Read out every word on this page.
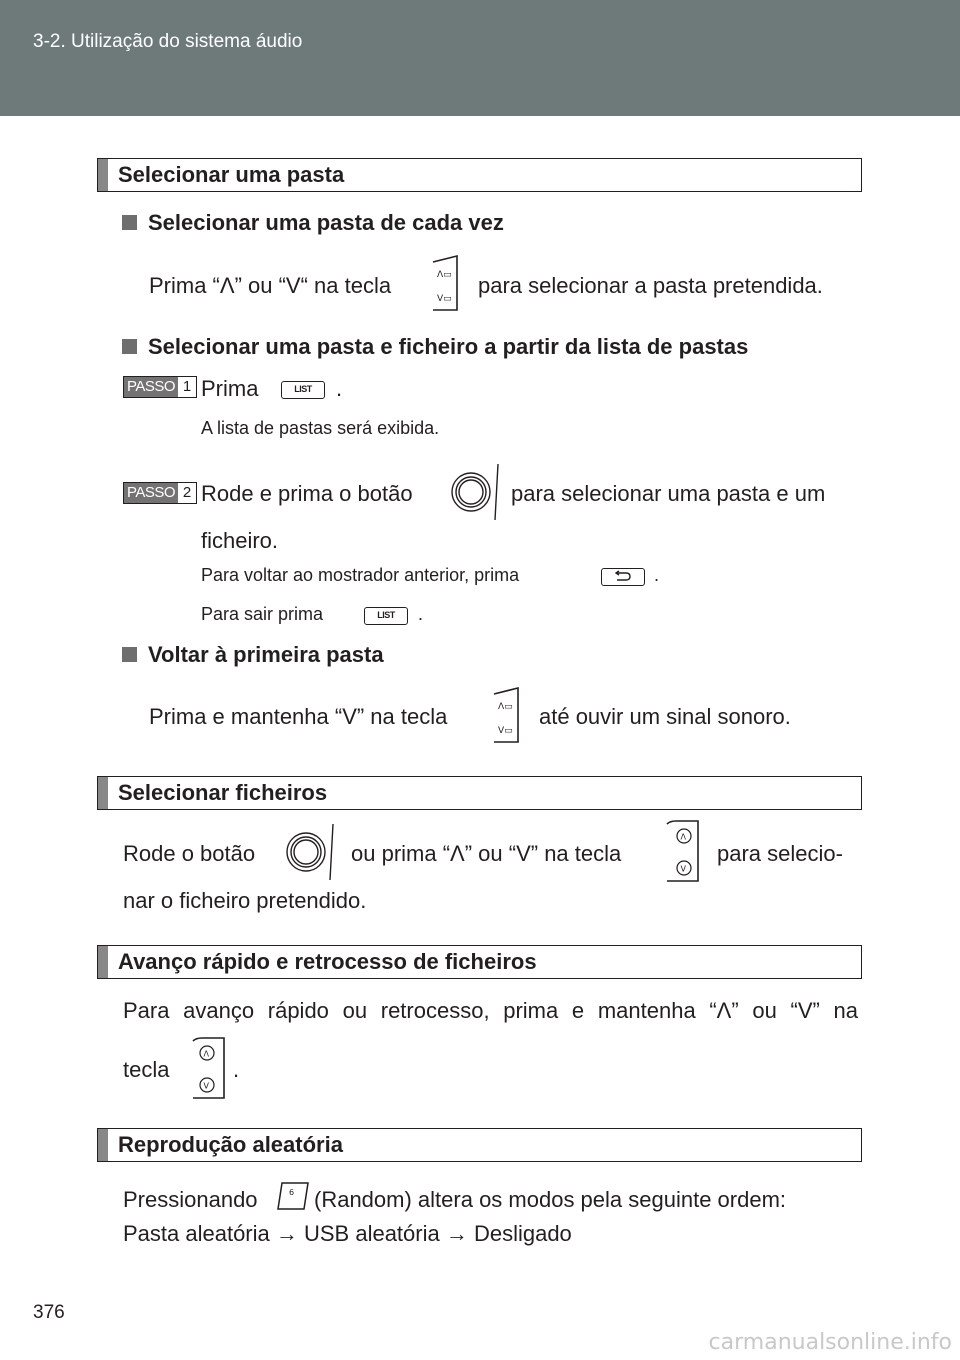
3-2. Utilização do sistema áudio
Selecionar uma pasta
Selecionar uma pasta de cada vez
Prima “Λ” ou “V“ na tecla	Λ▭
V▭
para selecionar a pasta pretendida.
Selecionar uma pasta e ficheiro a partir da lista de pastas
PASSO 1 Prima	LIST	.
A lista de pastas será exibida.
PASSO 2 Rode e prima o botão	para selecionar uma pasta e um
ficheiro.
Para voltar ao mostrador anterior, prima	.
Para sair prima	LIST	.
Voltar à primeira pasta
Prima e mantenha “V” na tecla	Λ▭
V▭
até ouvir um sinal sonoro.
Selecionar ficheiros
Rode o botão	ou prima “Λ” ou “V” na tecla
Λ
V
para selecio-
nar o ficheiro pretendido.
Avanço rápido e retrocesso de ficheiros
Para avanço rápido ou retrocesso, prima e mantenha “Λ” ou “V” na
tecla
Λ
V
.
Reprodução aleatória
Pressionando	6 (Random) altera os modos pela seguinte ordem:
Pasta aleatória → USB aleatória → Desligado
376
carmanualsonline.info
